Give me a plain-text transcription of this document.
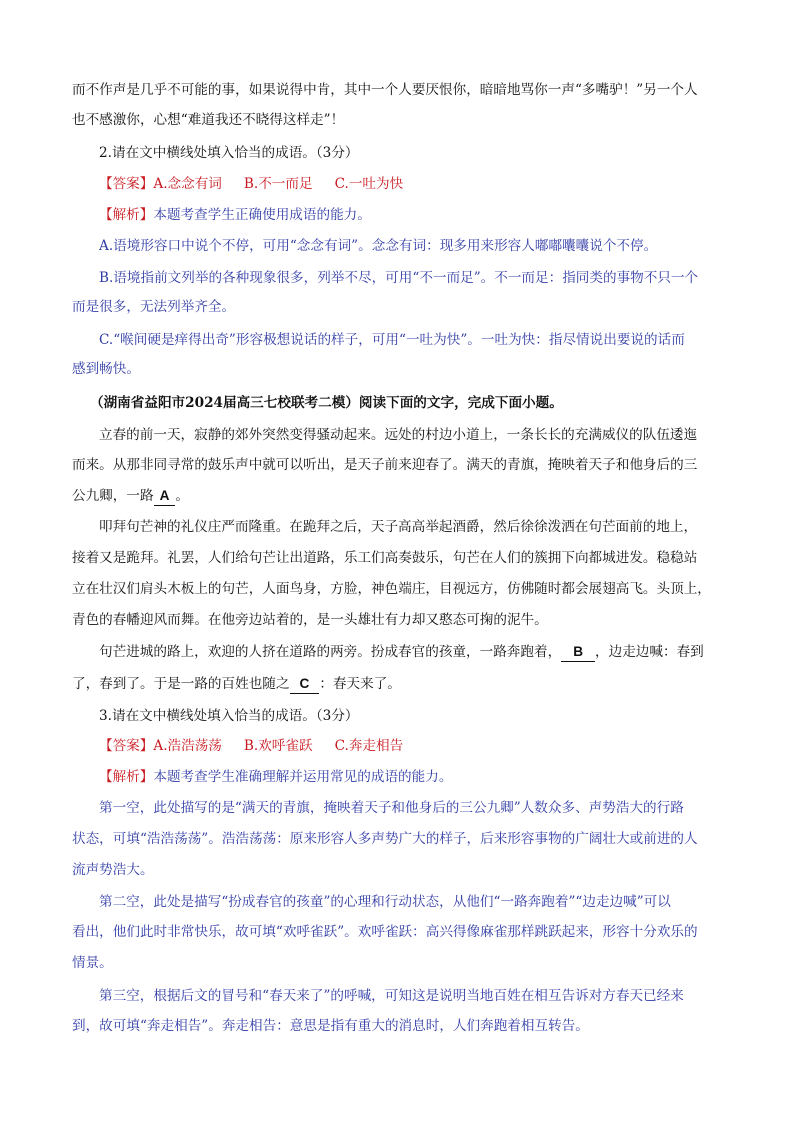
而不作声是几乎不可能的事，如果说得中肯，其中一个人要厌恨你，暗暗地骂你一声“多嘴驴！”另一个人
也不感激你，心想“难道我还不晓得这样走”！
2.请在文中横线处填入恰当的成语。（3分）
【答案】A.念念有词 B.不一而足 C.一吐为快
【解析】本题考查学生正确使用成语的能力。
A.语境形容口中说个不停，可用“念念有词”。念念有词：现多用来形容人嘟嘟囔囔说个不停。
B.语境指前文列举的各种现象很多，列举不尽，可用“不一而足”。不一而足：指同类的事物不只一个
而是很多，无法列举齐全。
C.“喉间硬是痒得出奇”形容极想说话的样子，可用“一吐为快”。一吐为快：指尽情说出要说的话而
感到畅快。
（湖南省益阳市2024届高三七校联考二模）阅读下面的文字，完成下面小题。
立春的前一天，寂静的郊外突然变得骚动起来。远处的村边小道上，一条长长的充满威仪的队伍逶迤
而来。从那非同寻常的鼓乐声中就可以听出，是天子前来迎春了。满天的青旗，掩映着天子和他身后的三
公九卿，一路 A 。
叩拜句芒神的礼仪庄严而隆重。在跪拜之后，天子高高举起酒爵，然后徐徐泼洒在句芒面前的地上，
接着又是跪拜。礼罢，人们给句芒让出道路，乐工们高奏鼓乐，句芒在人们的簇拥下向都城进发。稳稳站
立在壮汉们肩头木板上的句芒，人面鸟身，方脸，神色端庄，目视远方，仿佛随时都会展翅高飞。头顶上，
青色的春幡迎风而舞。在他旁边站着的，是一头雄壮有力却又憨态可掬的泥牛。
句芒进城的路上，欢迎的人挤在道路的两旁。扮成春官的孩童，一路奔跑着， B ，边走边喊：春到
了，春到了。于是一路的百姓也随之 C ：春天来了。
3.请在文中横线处填入恰当的成语。（3分）
【答案】A.浩浩荡荡 B.欢呼雀跃 C.奔走相告
【解析】本题考查学生准确理解并运用常见的成语的能力。
第一空，此处描写的是“满天的青旗，掩映着天子和他身后的三公九卿”人数众多、声势浩大的行路
状态，可填“浩浩荡荡”。浩浩荡荡：原来形容人多声势广大的样子，后来形容事物的广阔壮大或前进的人
流声势浩大。
第二空，此处是描写“扮成春官的孩童”的心理和行动状态，从他们“一路奔跑着”“边走边喊”可以
看出，他们此时非常快乐，故可填“欢呼雀跃”。欢呼雀跃：高兴得像麻雀那样跳跃起来，形容十分欢乐的
情景。
第三空，根据后文的冒号和“春天来了”的呼喊，可知这是说明当地百姓在相互告诉对方春天已经来
到，故可填“奔走相告”。奔走相告：意思是指有重大的消息时，人们奔跑着相互转告。
